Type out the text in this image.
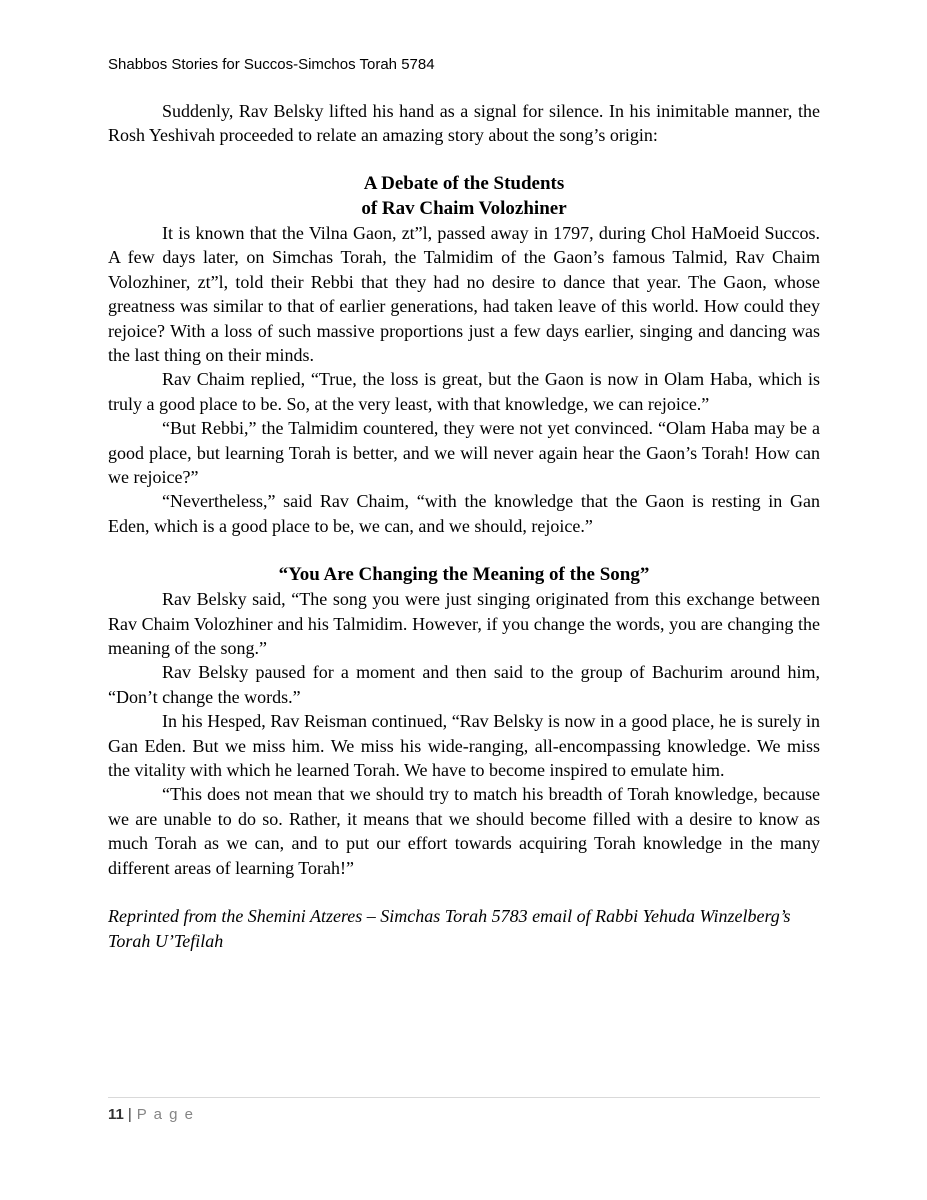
Shabbos Stories for Succos-Simchos Torah 5784

Suddenly, Rav Belsky lifted his hand as a signal for silence. In his inimitable manner, the Rosh Yeshivah proceeded to relate an amazing story about the song’s origin:

A Debate of the Students
of Rav Chaim Volozhiner

It is known that the Vilna Gaon, zt”l, passed away in 1797, during Chol HaMoeid Succos. A few days later, on Simchas Torah, the Talmidim of the Gaon’s famous Talmid, Rav Chaim Volozhiner, zt”l, told their Rebbi that they had no desire to dance that year. The Gaon, whose greatness was similar to that of earlier generations, had taken leave of this world. How could they rejoice? With a loss of such massive proportions just a few days earlier, singing and dancing was the last thing on their minds.

Rav Chaim replied, “True, the loss is great, but the Gaon is now in Olam Haba, which is truly a good place to be. So, at the very least, with that knowledge, we can rejoice.”

“But Rebbi,” the Talmidim countered, they were not yet convinced. “Olam Haba may be a good place, but learning Torah is better, and we will never again hear the Gaon’s Torah! How can we rejoice?”

“Nevertheless,” said Rav Chaim, “with the knowledge that the Gaon is resting in Gan Eden, which is a good place to be, we can, and we should, rejoice.”

“You Are Changing the Meaning of the Song”

Rav Belsky said, “The song you were just singing originated from this exchange between Rav Chaim Volozhiner and his Talmidim. However, if you change the words, you are changing the meaning of the song.”

Rav Belsky paused for a moment and then said to the group of Bachurim around him, “Don’t change the words.”

In his Hesped, Rav Reisman continued, “Rav Belsky is now in a good place, he is surely in Gan Eden. But we miss him. We miss his wide-ranging, all-encompassing knowledge. We miss the vitality with which he learned Torah. We have to become inspired to emulate him.

“This does not mean that we should try to match his breadth of Torah knowledge, because we are unable to do so. Rather, it means that we should become filled with a desire to know as much Torah as we can, and to put our effort towards acquiring Torah knowledge in the many different areas of learning Torah!”

Reprinted from the Shemini Atzeres – Simchas Torah 5783 email of Rabbi Yehuda Winzelberg’s Torah U’Tefilah

11 | P a g e
